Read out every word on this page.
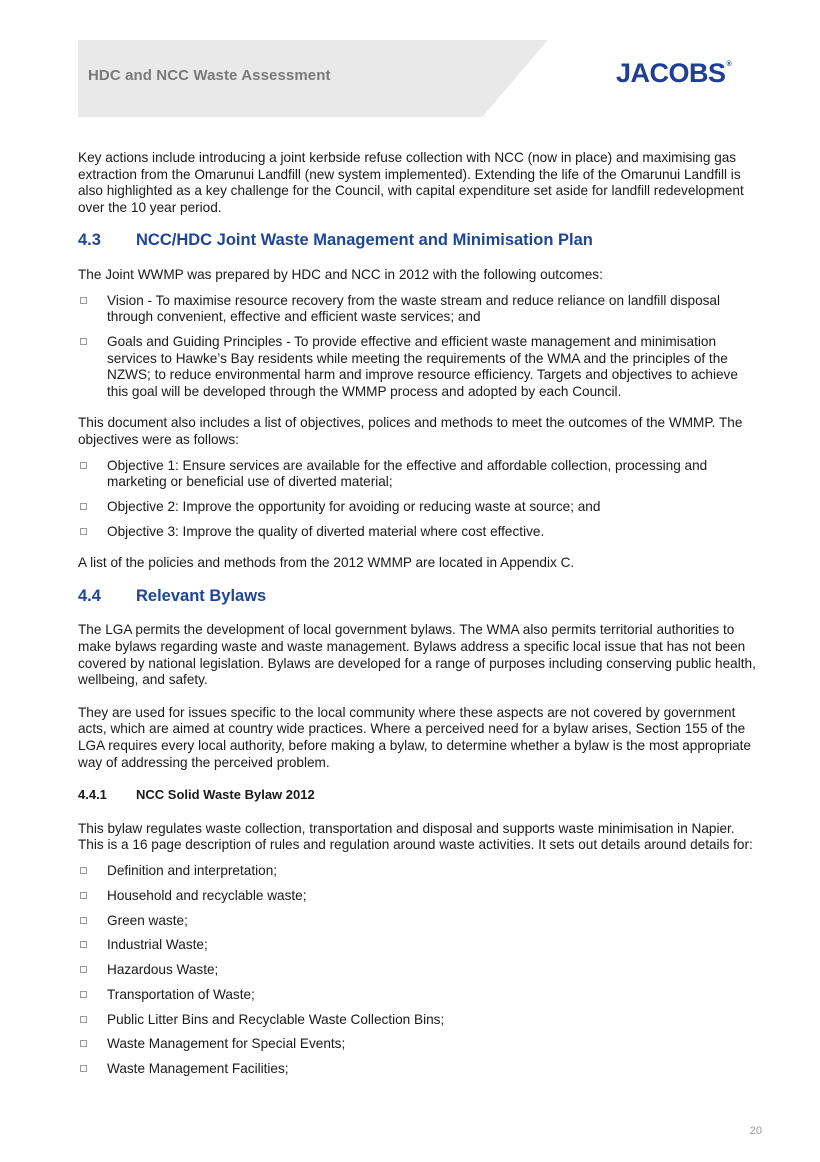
HDC and NCC Waste Assessment	JACOBS®

Key actions include introducing a joint kerbside refuse collection with NCC (now in place) and maximising gas extraction from the Omarunui Landfill (new system implemented). Extending the life of the Omarunui Landfill is also highlighted as a key challenge for the Council, with capital expenditure set aside for landfill redevelopment over the 10 year period.

4.3	NCC/HDC Joint Waste Management and Minimisation Plan

The Joint WWMP was prepared by HDC and NCC in 2012 with the following outcomes:

Vision - To maximise resource recovery from the waste stream and reduce reliance on landfill disposal through convenient, effective and efficient waste services; and
Goals and Guiding Principles - To provide effective and efficient waste management and minimisation services to Hawke’s Bay residents while meeting the requirements of the WMA and the principles of the NZWS; to reduce environmental harm and improve resource efficiency. Targets and objectives to achieve this goal will be developed through the WMMP process and adopted by each Council.

This document also includes a list of objectives, polices and methods to meet the outcomes of the WMMP. The objectives were as follows:

Objective 1: Ensure services are available for the effective and affordable collection, processing and marketing or beneficial use of diverted material;
Objective 2: Improve the opportunity for avoiding or reducing waste at source; and
Objective 3: Improve the quality of diverted material where cost effective.

A list of the policies and methods from the 2012 WMMP are located in Appendix C.

4.4	Relevant Bylaws

The LGA permits the development of local government bylaws. The WMA also permits territorial authorities to make bylaws regarding waste and waste management. Bylaws address a specific local issue that has not been covered by national legislation. Bylaws are developed for a range of purposes including conserving public health, wellbeing, and safety.

They are used for issues specific to the local community where these aspects are not covered by government acts, which are aimed at country wide practices. Where a perceived need for a bylaw arises, Section 155 of the LGA requires every local authority, before making a bylaw, to determine whether a bylaw is the most appropriate way of addressing the perceived problem.

4.4.1	NCC Solid Waste Bylaw 2012

This bylaw regulates waste collection, transportation and disposal and supports waste minimisation in Napier. This is a 16 page description of rules and regulation around waste activities. It sets out details around details for:

Definition and interpretation;
Household and recyclable waste;
Green waste;
Industrial Waste;
Hazardous Waste;
Transportation of Waste;
Public Litter Bins and Recyclable Waste Collection Bins;
Waste Management for Special Events;
Waste Management Facilities;
20
